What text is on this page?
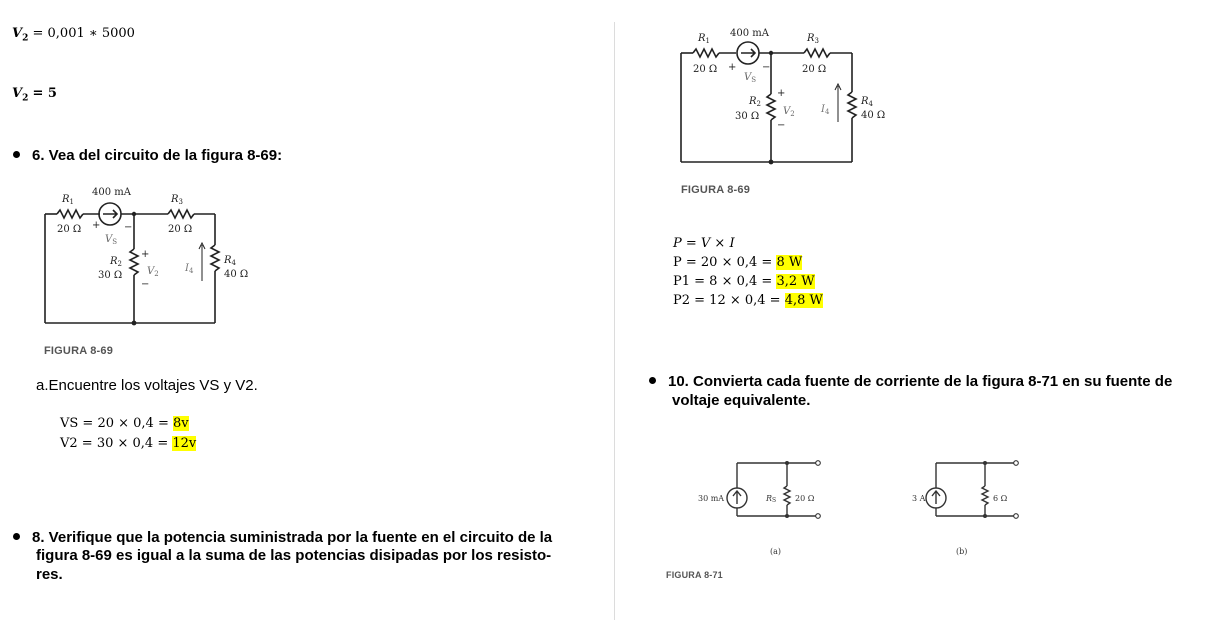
$V_2 = 0,001$ ∗ 5000
$V_2 = 5$
6. Vea del circuito de la figura 8-69:
$R_1$
20 Ω
400 mA
$R_3$
20 Ω
+ −
$V_S$
$R_2$
30 Ω
+
−
$V_2$	$I_4$
$R_4$
40 Ω
FIGURA 8-69
a.Encuentre los voltajes VS y V2.
VS = 20 × 0,4 = 8v
V2 = 30 × 0,4 = 12v
8. Verifique que la potencia suministrada por la fuente en el circuito de la
figura 8-69 es igual a la suma de las potencias disipadas por los resisto-
res.
$R_1$
20 Ω
400 mA	$R_3$
20 Ω
+	−
$V_S$
$R_2$
30 Ω
+
−
$V_2$	$I_4$
$R_4$
40 Ω
FIGURA 8-69
P = V × I
P = 20 × 0,4 = 8 W
P1 = 8 × 0,4 = 3,2 W
P2 = 12 × 0,4 = 4,8 W
10. Convierta cada fuente de corriente de la figura 8-71 en su fuente de
voltaje equivalente.
30 mA	RS 20 Ω
(a)
3 A	6 Ω
(b)
FIGURA 8-71
